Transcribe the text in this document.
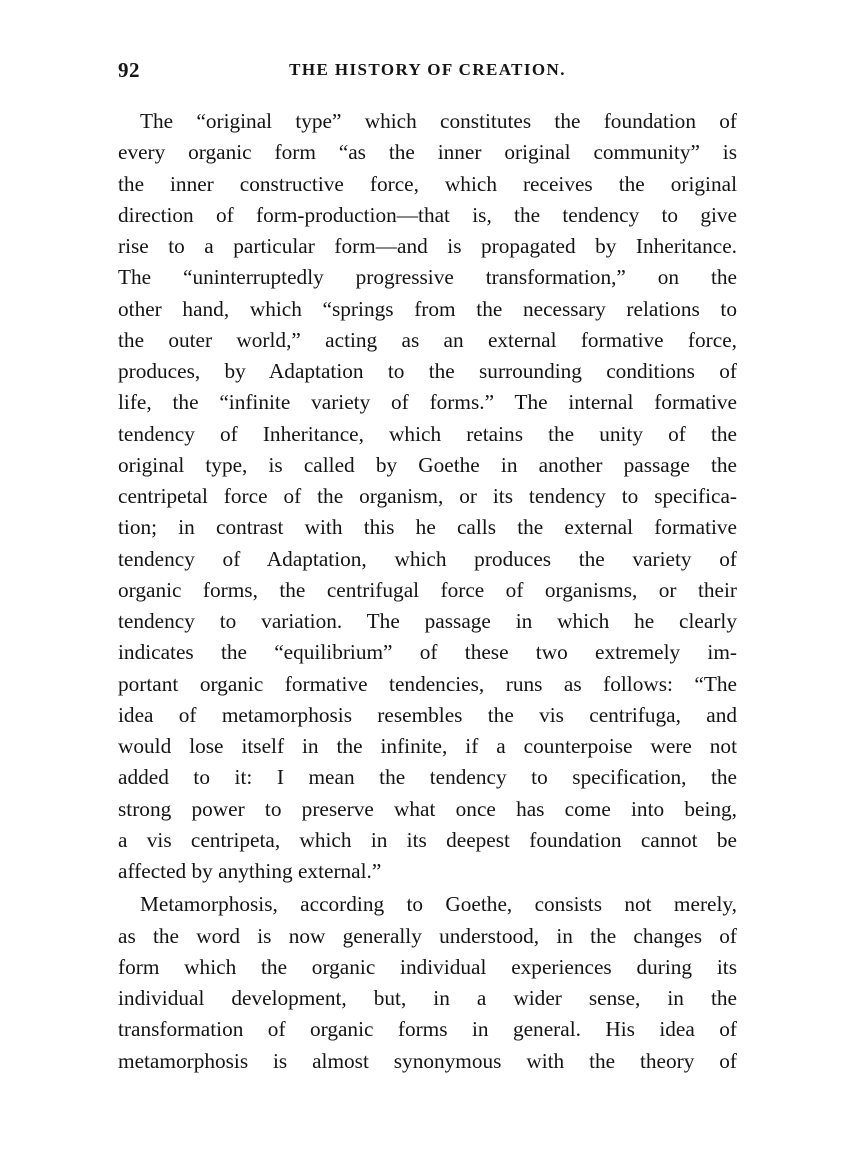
92	THE HISTORY OF CREATION.
The “original type” which constitutes the foundation of
every organic form “as the inner original community” is
the inner constructive force, which receives the original
direction of form-production—that is, the tendency to give
rise to a particular form—and is propagated by Inheritance.
The “uninterruptedly progressive transformation,” on the
other hand, which “springs from the necessary relations to
the outer world,” acting as an external formative force,
produces, by Adaptation to the surrounding conditions of
life, the “infinite variety of forms.” The internal formative
tendency of Inheritance, which retains the unity of the
original type, is called by Goethe in another passage the
centripetal force of the organism, or its tendency to specifica-
tion; in contrast with this he calls the external formative
tendency of Adaptation, which produces the variety of
organic forms, the centrifugal force of organisms, or their
tendency to variation. The passage in which he clearly
indicates the “equilibrium” of these two extremely im-
portant organic formative tendencies, runs as follows: “The
idea of metamorphosis resembles the vis centrifuga, and
would lose itself in the infinite, if a counterpoise were not
added to it: I mean the tendency to specification, the
strong power to preserve what once has come into being,
a vis centripeta, which in its deepest foundation cannot be
affected by anything external.”
Metamorphosis, according to Goethe, consists not merely,
as the word is now generally understood, in the changes of
form which the organic individual experiences during its
individual development, but, in a wider sense, in the
transformation of organic forms in general. His idea of
metamorphosis is almost synonymous with the theory of
